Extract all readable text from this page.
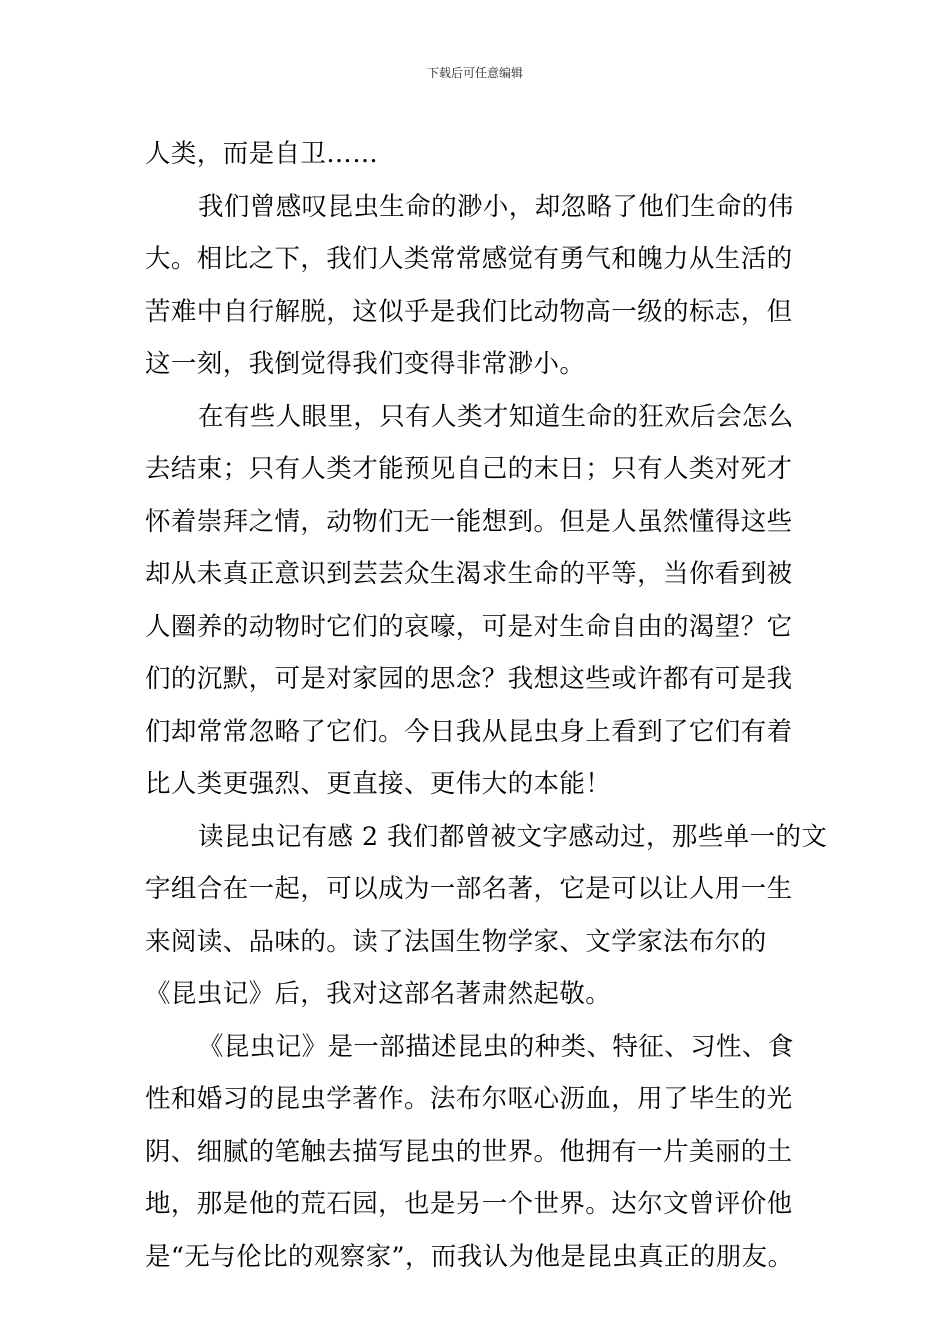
下载后可任意编辑
人类，而是自卫……
我们曾感叹昆虫生命的渺小，却忽略了他们生命的伟
大。相比之下，我们人类常常感觉有勇气和魄力从生活的
苦难中自行解脱，这似乎是我们比动物高一级的标志，但
这一刻，我倒觉得我们变得非常渺小。
在有些人眼里，只有人类才知道生命的狂欢后会怎么
去结束；只有人类才能预见自己的末日；只有人类对死才
怀着崇拜之情，动物们无一能想到。但是人虽然懂得这些
却从未真正意识到芸芸众生渴求生命的平等，当你看到被
人圈养的动物时它们的哀嚎，可是对生命自由的渴望？它
们的沉默，可是对家园的思念？我想这些或许都有可是我
们却常常忽略了它们。今日我从昆虫身上看到了它们有着
比人类更强烈、更直接、更伟大的本能！
读昆虫记有感 2 我们都曾被文字感动过，那些单一的文
字组合在一起，可以成为一部名著，它是可以让人用一生
来阅读、品味的。读了法国生物学家、文学家法布尔的
《昆虫记》后，我对这部名著肃然起敬。
《昆虫记》是一部描述昆虫的种类、特征、习性、食
性和婚习的昆虫学著作。法布尔呕心沥血，用了毕生的光
阴、细腻的笔触去描写昆虫的世界。他拥有一片美丽的土
地，那是他的荒石园，也是另一个世界。达尔文曾评价他
是“无与伦比的观察家”，而我认为他是昆虫真正的朋友。
